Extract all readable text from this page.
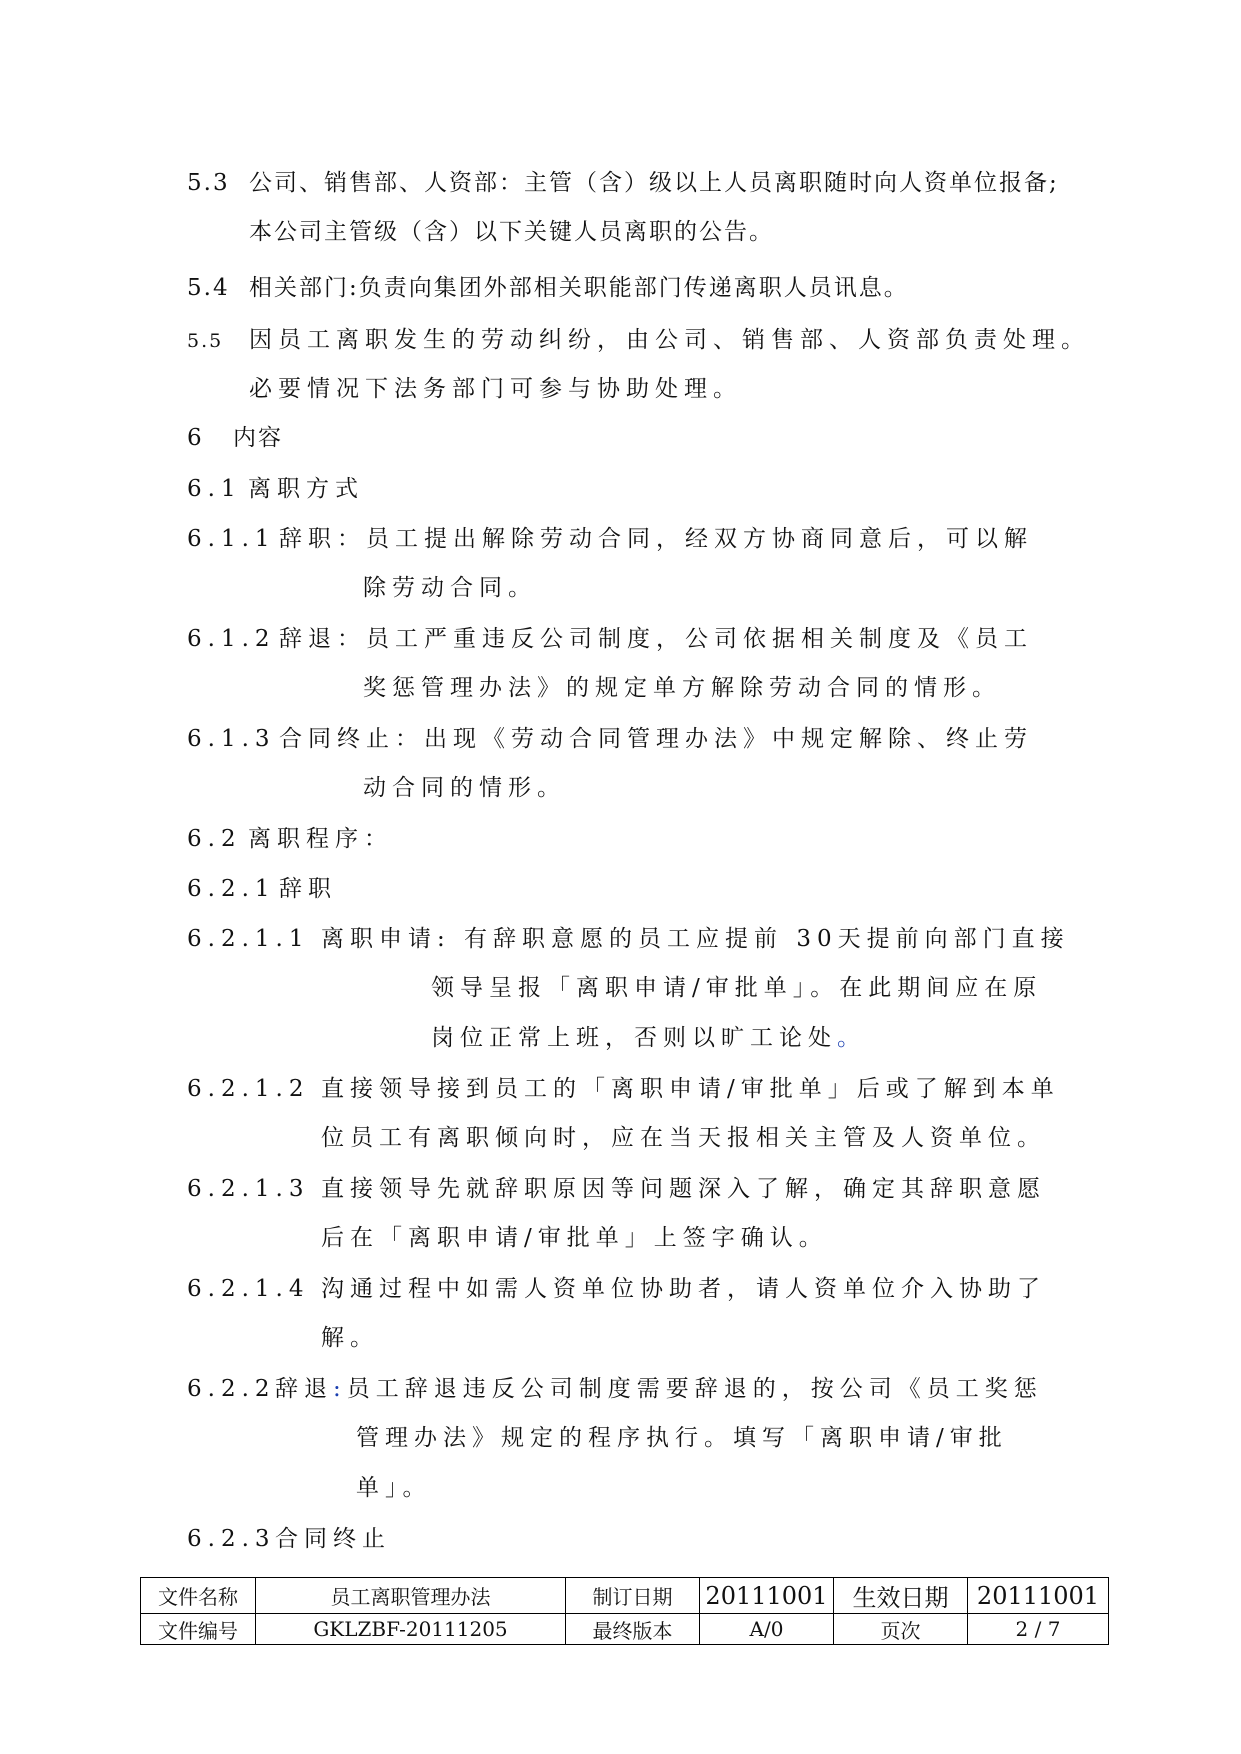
5.3 公司、销售部、人资部：主管（含）级以上人员离职随时向人资单位报备;
本公司主管级（含）以下关键人员离职的公告。
5.4 相关部门:负责向集团外部相关职能部门传递离职人员讯息。
5.5 因员工离职发生的劳动纠纷，由公司、销售部、人资部负责处理。
必要情况下法务部门可参与协助处理。
6 内容
6.1 离职方式
6.1.1 辞职：员工提出解除劳动合同，经双方协商同意后，可以解
除劳动合同。
6.1.2 辞退：员工严重违反公司制度，公司依据相关制度及《员工
奖惩管理办法》的规定单方解除劳动合同的情形。
6.1.3 合同终止：出现《劳动合同管理办法》中规定解除、终止劳
动合同的情形。
6.2 离职程序：
6.2.1 辞职
6.2.1.1 离职申请: 有辞职意愿的员工应提前 30天提前向部门直接
领导呈报「离职申请/审批单」。在此期间应在原
岗位正常上班，否则以旷工论处。
6.2.1.2 直接领导接到员工的「离职申请/审批单」后或了解到本单
位员工有离职倾向时，应在当天报相关主管及人资单位。
6.2.1.3 直接领导先就辞职原因等问题深入了解，确定其辞职意愿
后在「离职申请/审批单」上签字确认。
6.2.1.4 沟通过程中如需人资单位协助者，请人资单位介入协助了
解。
6.2.2辞退:员工辞退违反公司制度需要辞退的，按公司《员工奖惩
管理办法》规定的程序执行。填写「离职申请/审批
单」。
6.2.3合同终止
文件名称	员工离职管理办法	制订日期	20111001	生效日期	20111001
文件编号	GKLZBF-20111205	最终版本	A/0	页次	2 / 7
